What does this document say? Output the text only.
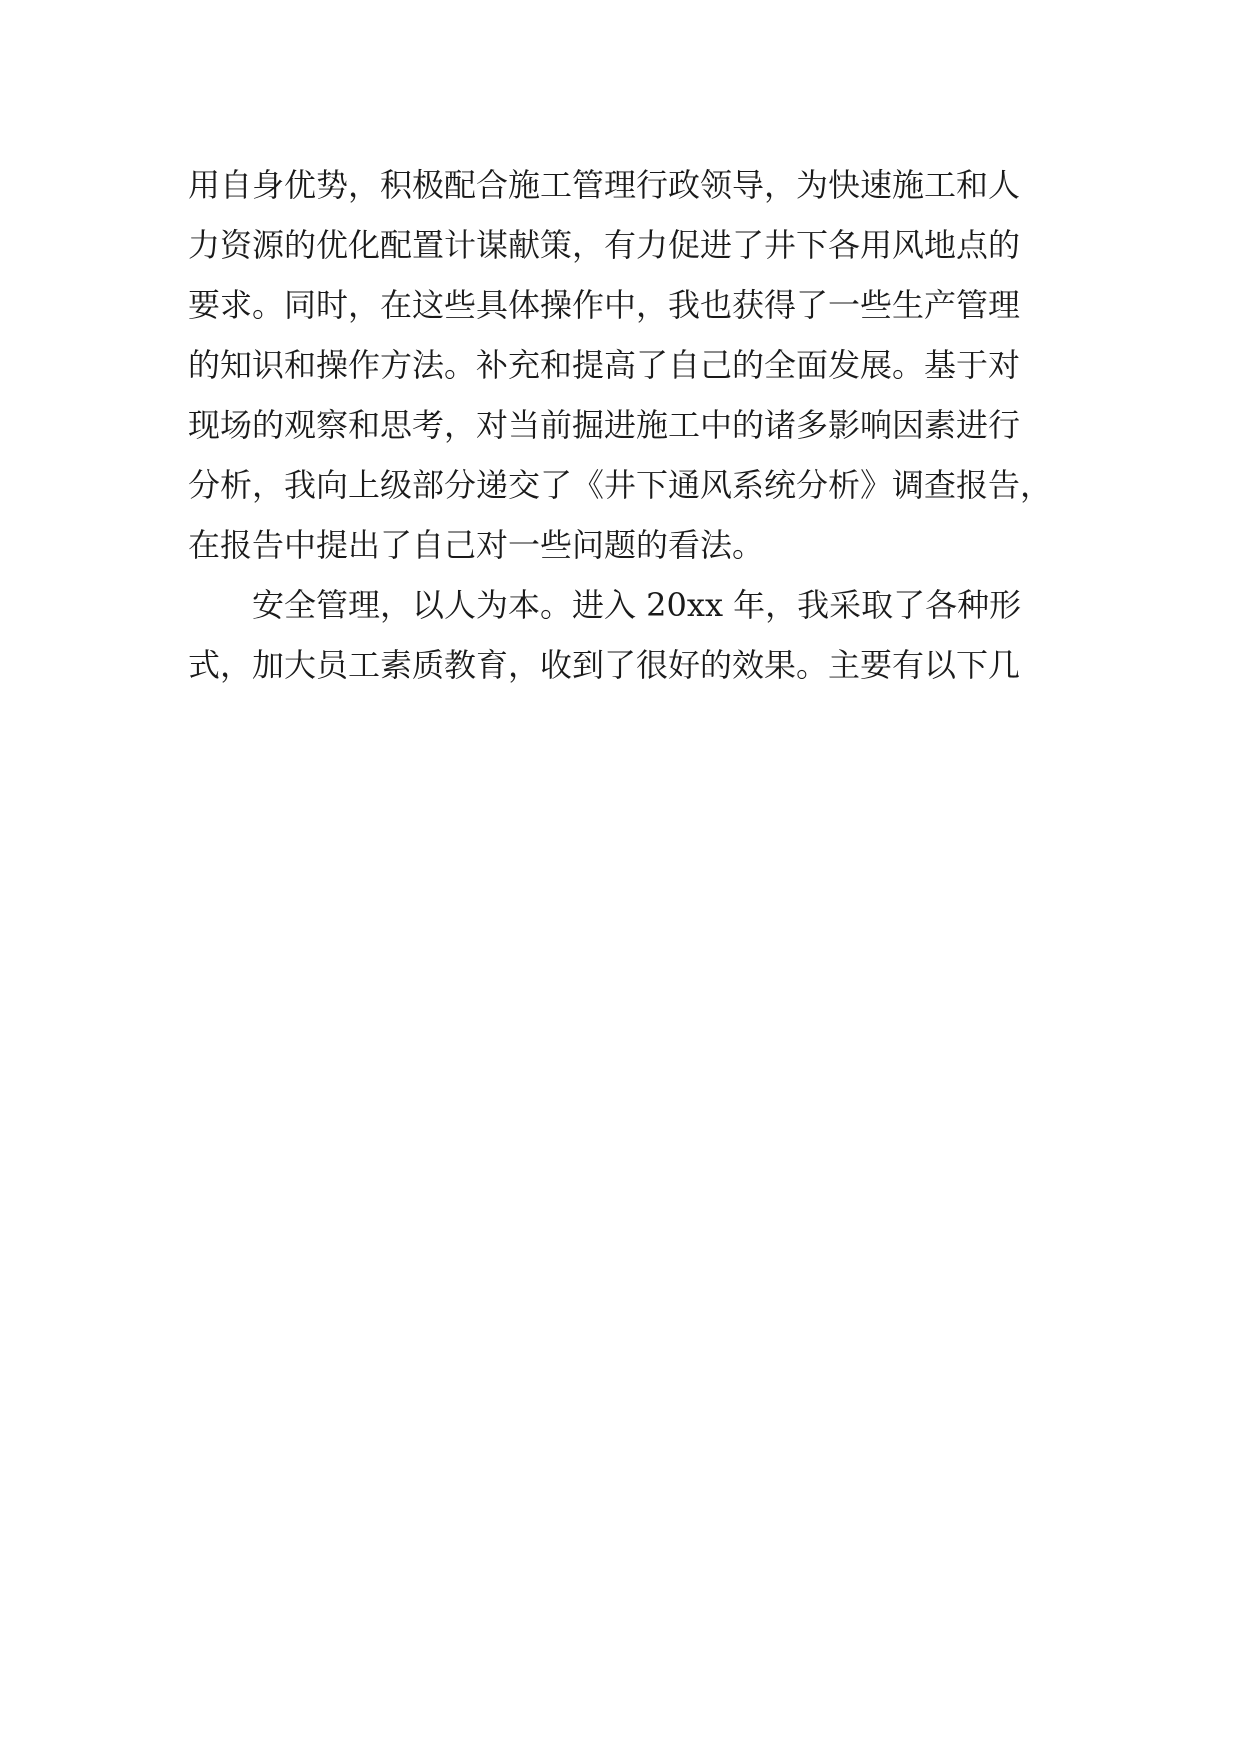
用自身优势，积极配合施工管理行政领导，为快速施工和人
力资源的优化配置计谋献策，有力促进了井下各用风地点的
要求。同时，在这些具体操作中，我也获得了一些生产管理
的知识和操作方法。补充和提高了自己的全面发展。基于对
现场的观察和思考，对当前掘进施工中的诸多影响因素进行
分析，我向上级部分递交了《井下通风系统分析》调查报告，
在报告中提出了自己对一些问题的看法。
安全管理，以人为本。进入 20xx 年，我采取了各种形
式，加大员工素质教育，收到了很好的效果。主要有以下几
